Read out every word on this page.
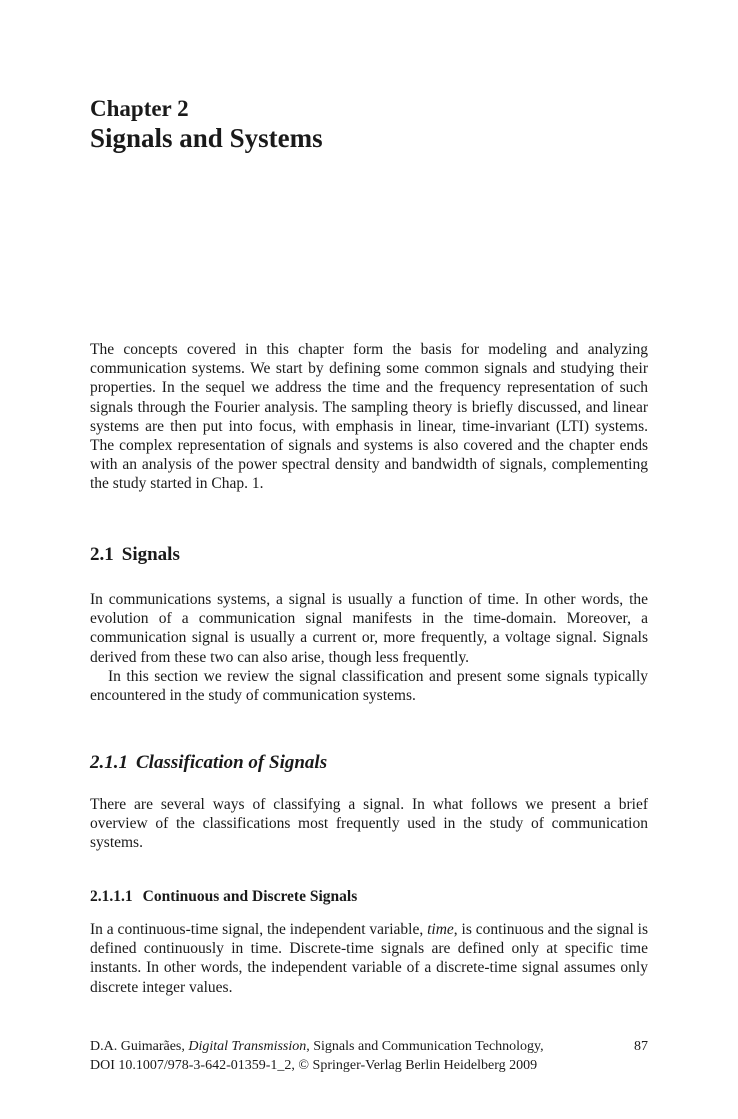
Chapter 2
Signals and Systems

The concepts covered in this chapter form the basis for modeling and analyzing communication systems. We start by defining some common signals and studying their properties. In the sequel we address the time and the frequency representation of such signals through the Fourier analysis. The sampling theory is briefly discussed, and linear systems are then put into focus, with emphasis in linear, time-invariant (LTI) systems. The complex representation of signals and systems is also covered and the chapter ends with an analysis of the power spectral density and bandwidth of signals, complementing the study started in Chap. 1.

2.1 Signals

In communications systems, a signal is usually a function of time. In other words, the evolution of a communication signal manifests in the time-domain. Moreover, a communication signal is usually a current or, more frequently, a voltage signal. Signals derived from these two can also arise, though less frequently.

In this section we review the signal classification and present some signals typically encountered in the study of communication systems.

2.1.1 Classification of Signals

There are several ways of classifying a signal. In what follows we present a brief overview of the classifications most frequently used in the study of communication systems.

2.1.1.1 Continuous and Discrete Signals

In a continuous-time signal, the independent variable, time, is continuous and the signal is defined continuously in time. Discrete-time signals are defined only at specific time instants. In other words, the independent variable of a discrete-time signal assumes only discrete integer values.

D.A. Guimarães, Digital Transmission, Signals and Communication Technology,
DOI 10.1007/978-3-642-01359-1_2, © Springer-Verlag Berlin Heidelberg 2009
87
